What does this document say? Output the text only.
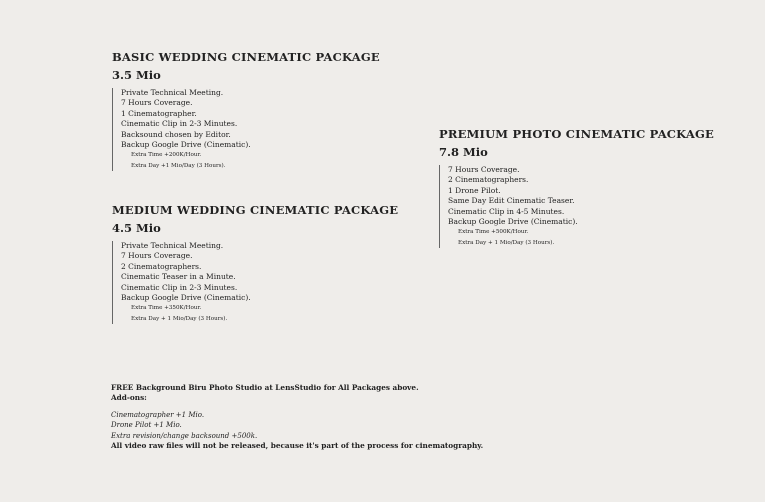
BASIC WEDDING CINEMATIC PACKAGE
3.5 Mio
Private Technical Meeting.
7 Hours Coverage.
1 Cinematographer.
Cinematic Clip in 2-3 Minutes.
Backsound chosen by Editor.
Backup Google Drive (Cinematic).
Extra Time +200K/Hour.
Extra Day +1 Mio/Day (3 Hours).
MEDIUM WEDDING CINEMATIC PACKAGE
4.5 Mio
Private Technical Meeting.
7 Hours Coverage.
2 Cinematographers.
Cinematic Teaser in a Minute.
Cinematic Clip in 2-3 Minutes.
Backup Google Drive (Cinematic).
Extra Time +350K/Hour.
Extra Day + 1 Mio/Day (3 Hours).
PREMIUM PHOTO CINEMATIC PACKAGE
7.8 Mio
7 Hours Coverage.
2 Cinematographers.
1 Drone Pilot.
Same Day Edit Cinematic Teaser.
Cinematic Clip in 4-5 Minutes.
Backup Google Drive (Cinematic).
Extra Time +500K/Hour.
Extra Day + 1 Mio/Day (3 Hours).
FREE Background Biru Photo Studio at LensStudio for All Packages above.
Add-ons:
Cinematographer +1 Mio.
Drone Pilot +1 Mio.
Extra revision/change backsound +500k.
All video raw files will not be released, because it's part of the process for cinematography.
